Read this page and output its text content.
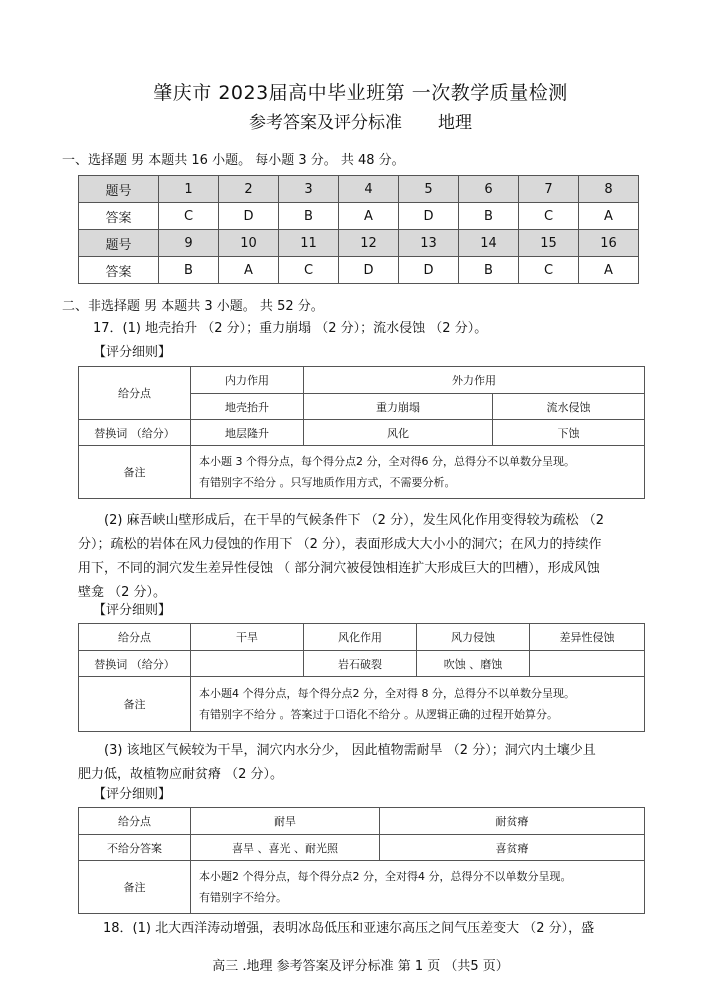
肇庆市 2023届高中毕业班第 一次教学质量检测
参考答案及评分标准 地理
一、选择题 男 本题共 16 小题。 每小题 3 分。 共 48 分。
题号	1	2	3	4	5	6	7	8
答案	C	D	B	A	D	B	C	A
题号	9	10	11	12	13	14	15	16
答案	B	A	C	D	D	B	C	A
二、非选择题 男 本题共 3 小题。 共 52 分。
17．(1) 地壳抬升 （2 分）；重力崩塌 （2 分）；流水侵蚀 （2 分）。
【评分细则】
给分点	内力作用	外力作用	
	地壳抬升	重力崩塌	流水侵蚀
替换词 （给分）	地层隆升	风化	下蚀
备注	本小题 3 个得分点，每个得分点2 分，全对得6 分，总得分不以单数分呈现。
有错别字不给分 。只写地质作用方式，不需要分析。		
(2) 麻吾峡山壁形成后，在干旱的气候条件下 （2 分），发生风化作用变得较为疏松 （2
分）；疏松的岩体在风力侵蚀的作用下 （2 分），表面形成大大小小的洞穴；在风力的持续作
用下，不同的洞穴发生差异性侵蚀 （ 部分洞穴被侵蚀相连扩大形成巨大的凹槽），形成风蚀
壁龛 （2 分）。
【评分细则】
给分点	干旱	风化作用	风力侵蚀	差异性侵蚀
替换词 （给分）		岩石破裂	吹蚀 、磨蚀	
备注	本小题4 个得分点，每个得分点2 分，全对得 8 分，总得分不以单数分呈现。
有错别字不给分 。答案过于口语化不给分 。从逻辑正确的过程开始算分。			
(3) 该地区气候较为干旱，洞穴内水分少， 因此植物需耐旱 （2 分）；洞穴内土壤少且
肥力低，故植物应耐贫瘠 （2 分）。
【评分细则】
给分点	耐旱	耐贫瘠
不给分答案	喜旱 、喜光 、耐光照	喜贫瘠
备注	本小题2 个得分点，每个得分点2 分，全对得4 分，总得分不以单数分呈现。
有错别字不给分。	
18．(1) 北大西洋涛动增强，表明冰岛低压和亚速尔高压之间气压差变大 （2 分），盛
高三 .地理 参考答案及评分标准 第 1 页 （共5 页）
